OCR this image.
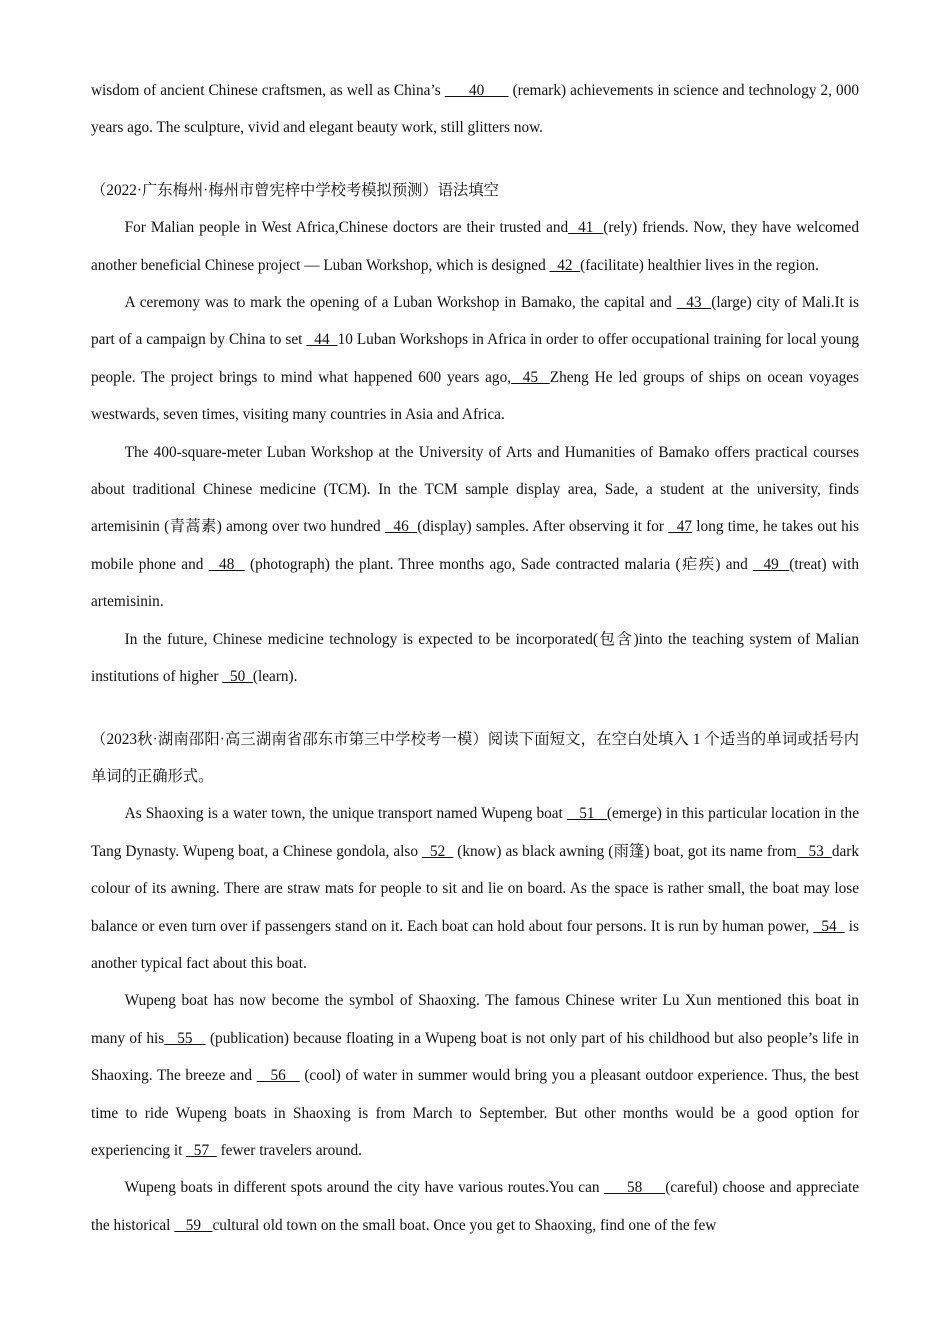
wisdom of ancient Chinese craftsmen, as well as China’s       40       (remark) achievements in science and technology 2, 000 years ago. The sculpture, vivid and elegant beauty work, still glitters now.

（2022·广东梅州·梅州市曾宪梓中学校考模拟预测）语法填空

For Malian people in West Africa,Chinese doctors are their trusted and  41  (rely) friends. Now, they have welcomed another beneficial Chinese project — Luban Workshop, which is designed   42  (facilitate) healthier lives in the region.

A ceremony was to mark the opening of a Luban Workshop in Bamako, the capital and   43  (large) city of Mali.It is part of a campaign by China to set   44  10 Luban Workshops in Africa in order to offer occupational training for local young people. The project brings to mind what happened 600 years ago,  45  Zheng He led groups of ships on ocean voyages westwards, seven times, visiting many countries in Asia and Africa.

The 400-square-meter Luban Workshop at the University of Arts and Humanities of Bamako offers practical courses about traditional Chinese medicine (TCM). In the TCM sample display area, Sade, a student at the university, finds artemisinin (青蒿素) among over two hundred   46  (display) samples. After observing it for   47 long time, he takes out his mobile phone and   48   (photograph) the plant. Three months ago, Sade contracted malaria (疟疾) and   49  (treat) with artemisinin.

In the future, Chinese medicine technology is expected to be incorporated(包含)into the teaching system of Malian institutions of higher   50  (learn).

（2023秋·湖南邵阳·高三湖南省邵东市第三中学校考一模）阅读下面短文，在空白处填入 1 个适当的单词或括号内单词的正确形式。

As Shaoxing is a water town, the unique transport named Wupeng boat    51   (emerge) in this particular location in the Tang Dynasty. Wupeng boat, a Chinese gondola, also   52   (know) as black awning (雨篷) boat, got its name from   53  dark colour of its awning. There are straw mats for people to sit and lie on board. As the space is rather small, the boat may lose balance or even turn over if passengers stand on it. Each boat can hold about four persons. It is run by human power,   54   is another typical fact about this boat.

Wupeng boat has now become the symbol of Shaoxing. The famous Chinese writer Lu Xun mentioned this boat in many of his   55    (publication) because floating in a Wupeng boat is not only part of his childhood but also people’s life in Shaoxing. The breeze and    56    (cool) of water in summer would bring you a pleasant outdoor experience. Thus, the best time to ride Wupeng boats in Shaoxing is from March to September. But other months would be a good option for experiencing it   57   fewer travelers around.

Wupeng boats in different spots around the city have various routes.You can      58     (careful) choose and appreciate the historical    59   cultural old town on the small boat. Once you get to Shaoxing, find one of the few
